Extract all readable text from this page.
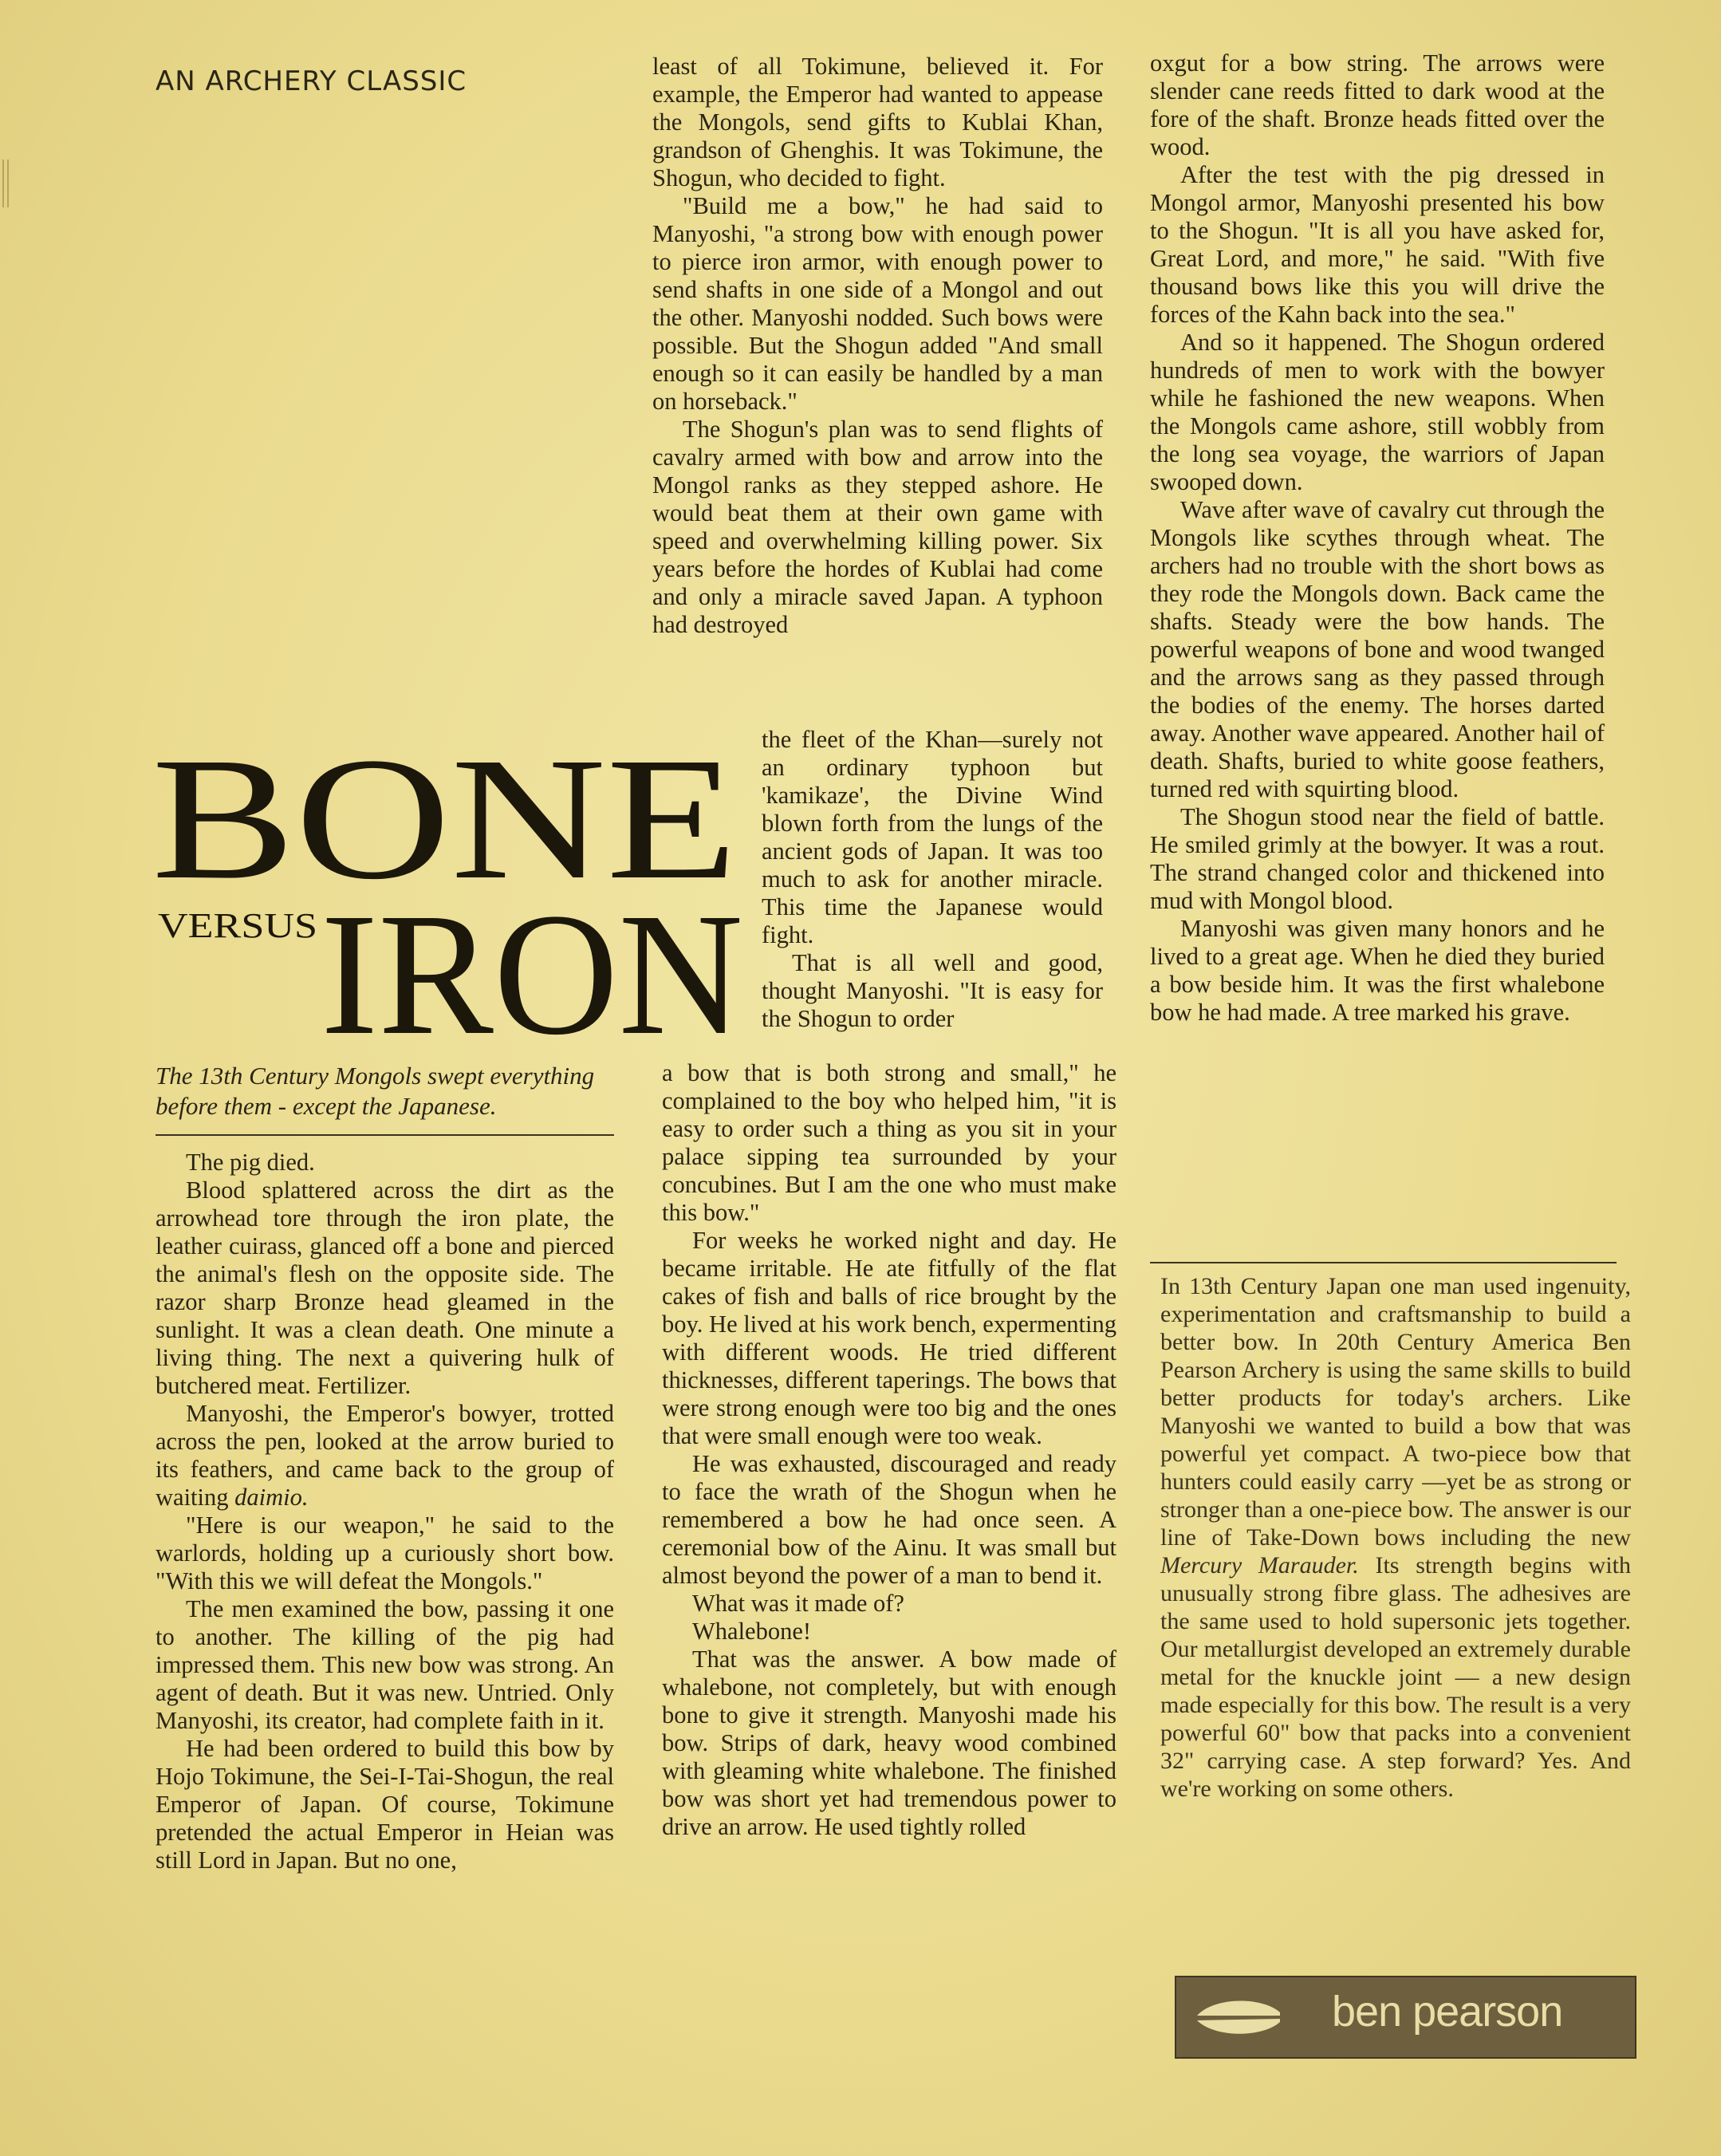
AN ARCHERY CLASSIC	least of all Tokimune, believed it. For example, the Emperor had wanted to appease the Mongols, send gifts to Kublai Khan, grandson of Ghenghis. It was Tokimune, the Shogun, who decided to fight.

"Build me a bow," he had said to Manyoshi, "a strong bow with enough power to pierce iron armor, with enough power to send shafts in one side of a Mongol and out the other. Manyoshi nodded. Such bows were possible. But the Shogun added "And small enough so it can easily be handled by a man on horseback."

The Shogun's plan was to send flights of cavalry armed with bow and arrow into the Mongol ranks as they stepped ashore. He would beat them at their own game with speed and overwhelming killing power. Six years before the hordes of Kublai had come and only a miracle saved Japan. A typhoon had destroyed

BONE
VERSUS IRON

the fleet of the Khan—surely not an ordinary typhoon but 'kamikaze', the Divine Wind blown forth from the lungs of the ancient gods of Japan. It was too much to ask for another miracle. This time the Japanese would fight.

That is all well and good, thought Manyoshi. "It is easy for the Shogun to order

The 13th Century Mongols swept everything before them - except the Japanese.

The pig died.

Blood splattered across the dirt as the arrowhead tore through the iron plate, the leather cuirass, glanced off a bone and pierced the animal's flesh on the opposite side. The razor sharp Bronze head gleamed in the sunlight. It was a clean death. One minute a living thing. The next a quivering hulk of butchered meat. Fertilizer.

Manyoshi, the Emperor's bowyer, trotted across the pen, looked at the arrow buried to its feathers, and came back to the group of waiting daimio.

"Here is our weapon," he said to the warlords, holding up a curiously short bow. "With this we will defeat the Mongols."

The men examined the bow, passing it one to another. The killing of the pig had impressed them. This new bow was strong. An agent of death. But it was new. Untried. Only Manyoshi, its creator, had complete faith in it.

He had been ordered to build this bow by Hojo Tokimune, the Sei-I-Tai-Shogun, the real Emperor of Japan. Of course, Tokimune pretended the actual Emperor in Heian was still Lord in Japan. But no one,

a bow that is both strong and small," he complained to the boy who helped him, "it is easy to order such a thing as you sit in your palace sipping tea surrounded by your concubines. But I am the one who must make this bow."

For weeks he worked night and day. He became irritable. He ate fitfully of the flat cakes of fish and balls of rice brought by the boy. He lived at his work bench, expermenting with different woods. He tried different thicknesses, different taperings. The bows that were strong enough were too big and the ones that were small enough were too weak.

He was exhausted, discouraged and ready to face the wrath of the Shogun when he remembered a bow he had once seen. A ceremonial bow of the Ainu. It was small but almost beyond the power of a man to bend it.

What was it made of?

Whalebone!

That was the answer. A bow made of whalebone, not completely, but with enough bone to give it strength. Manyoshi made his bow. Strips of dark, heavy wood combined with gleaming white whalebone. The finished bow was short yet had tremendous power to drive an arrow. He used tightly rolled

oxgut for a bow string. The arrows were slender cane reeds fitted to dark wood at the fore of the shaft. Bronze heads fitted over the wood.

After the test with the pig dressed in Mongol armor, Manyoshi presented his bow to the Shogun. "It is all you have asked for, Great Lord, and more," he said. "With five thousand bows like this you will drive the forces of the Kahn back into the sea."

And so it happened. The Shogun ordered hundreds of men to work with the bowyer while he fashioned the new weapons. When the Mongols came ashore, still wobbly from the long sea voyage, the warriors of Japan swooped down.

Wave after wave of cavalry cut through the Mongols like scythes through wheat. The archers had no trouble with the short bows as they rode the Mongols down. Back came the shafts. Steady were the bow hands. The powerful weapons of bone and wood twanged and the arrows sang as they passed through the bodies of the enemy. The horses darted away. Another wave appeared. Another hail of death. Shafts, buried to white goose feathers, turned red with squirting blood.

The Shogun stood near the field of battle. He smiled grimly at the bowyer. It was a rout. The strand changed color and thickened into mud with Mongol blood.

Manyoshi was given many honors and he lived to a great age. When he died they buried a bow beside him. It was the first whalebone bow he had made. A tree marked his grave.

In 13th Century Japan one man used ingenuity, experimentation and craftsmanship to build a better bow. In 20th Century America Ben Pearson Archery is using the same skills to build better products for today's archers. Like Manyoshi we wanted to build a bow that was powerful yet compact. A two-piece bow that hunters could easily carry —yet be as strong or stronger than a one-piece bow. The answer is our line of Take-Down bows including the new Mercury Marauder. Its strength begins with unusually strong fibre glass. The adhesives are the same used to hold supersonic jets together. Our metallurgist developed an extremely durable metal for the knuckle joint — a new design made especially for this bow. The result is a very powerful 60" bow that packs into a convenient 32" carrying case. A step forward? Yes. And we're working on some others.

ben pearson
